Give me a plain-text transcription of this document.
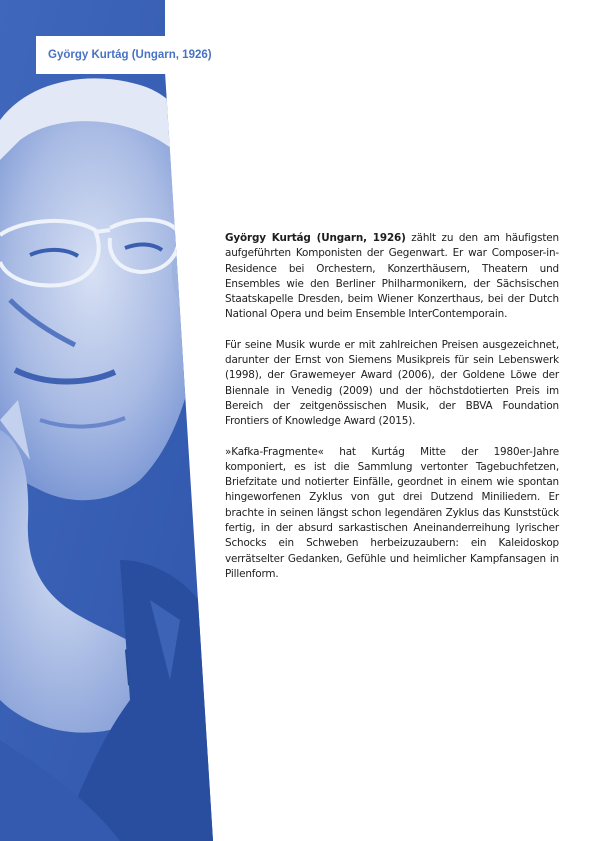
György Kurtág (Ungarn, 1926)

György Kurtág (Ungarn, 1926) zählt zu den am häufigsten aufgeführten Komponisten der Gegenwart. Er war Composer-in-Residence bei Orchestern, Konzerthäusern, Theatern und Ensembles wie den Berliner Philharmonikern, der Sächsischen Staatskapelle Dresden, beim Wiener Konzerthaus, bei der Dutch National Opera und beim Ensemble InterContemporain.

Für seine Musik wurde er mit zahlreichen Preisen ausgezeichnet, darunter der Ernst von Siemens Musikpreis für sein Lebenswerk (1998), der Grawemeyer Award (2006), der Goldene Löwe der Biennale in Venedig (2009) und der höchstdotierten Preis im Bereich der zeitgenössischen Musik, der BBVA Foundation Frontiers of Knowledge Award (2015).

»Kafka-Fragmente« hat Kurtág Mitte der 1980er-Jahre komponiert, es ist die Sammlung vertonter Tagebuchfetzen, Briefzitate und notierter Einfälle, geordnet in einem wie spontan hingeworfenen Zyklus von gut drei Dutzend Miniliedern. Er brachte in seinen längst schon legendären Zyklus das Kunststück fertig, in der absurd sarkastischen Aneinanderreihung lyrischer Schocks ein Schweben herbeizuzaubern: ein Kaleidoskop verrätselter Gedanken, Gefühle und heimlicher Kampfansagen in Pillenform.
